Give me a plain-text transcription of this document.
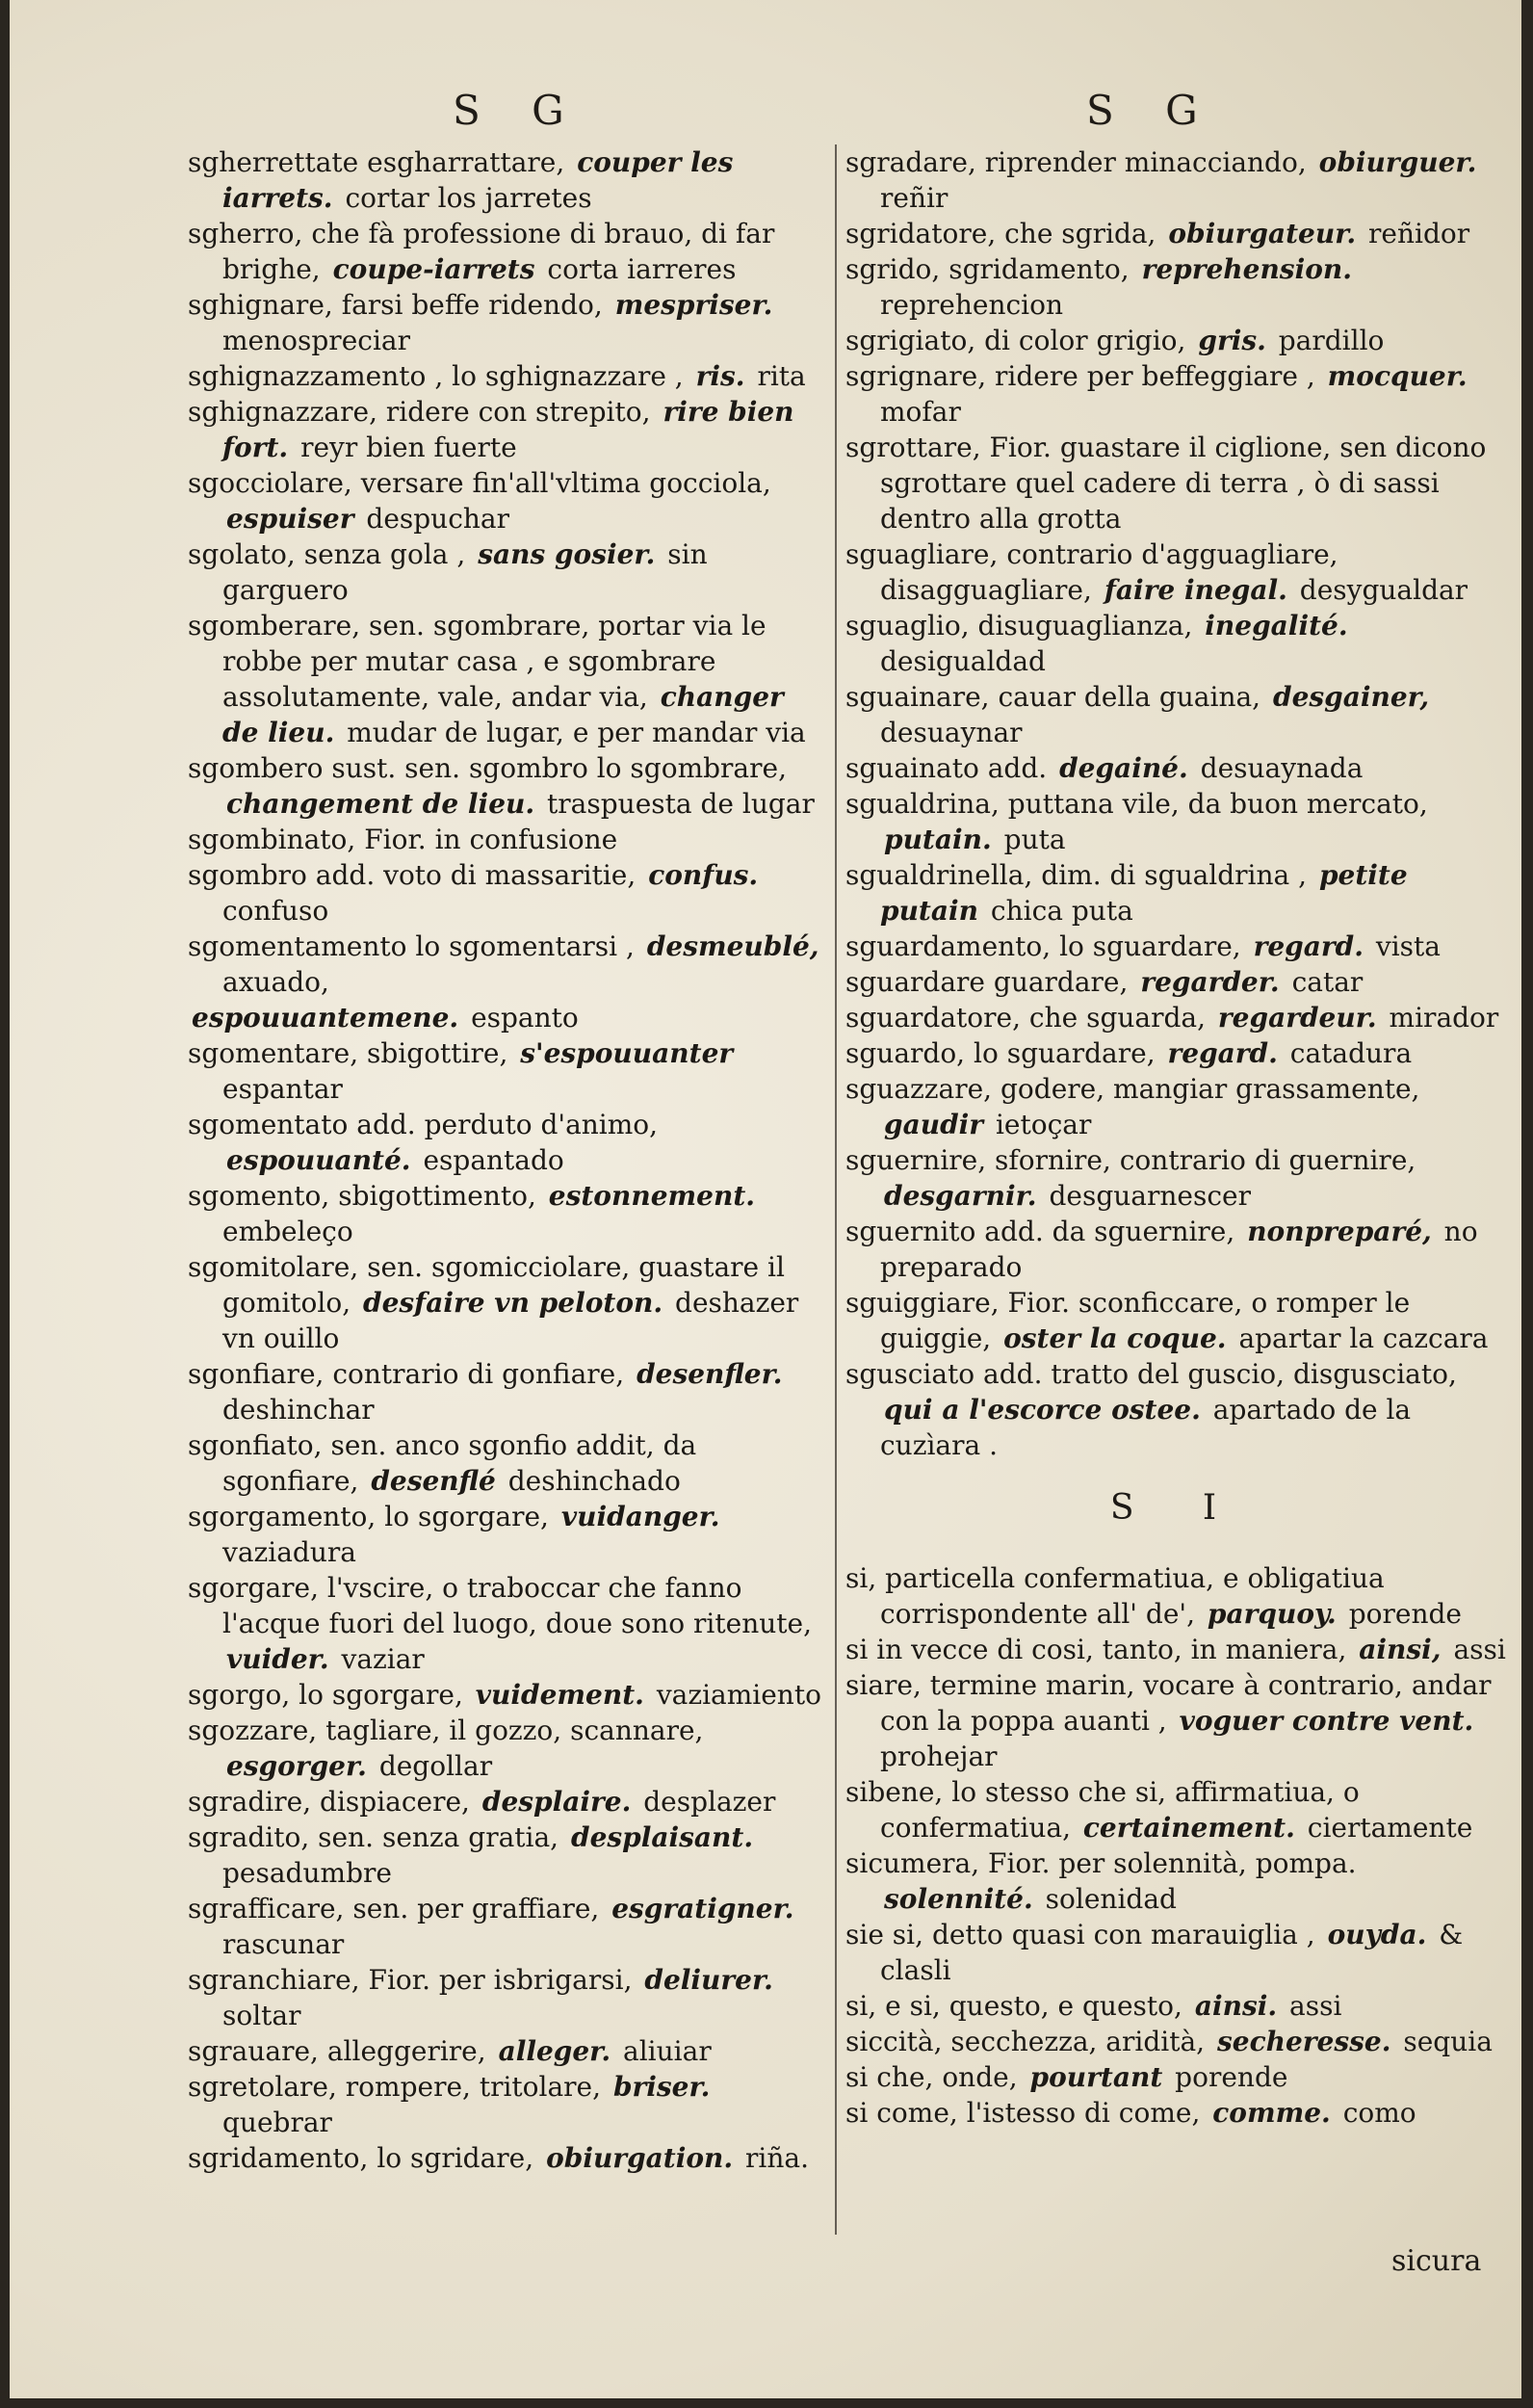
S G	S G

sgherrettate esgharrattare, couper les iarrets. cortar los jarretes

sgherro, che fà professione di brauo, di far brighe, coupe-iarrets corta iarreres

sghignare, farsi beffe ridendo, mespriser. menospreciar

sghignazzamento , lo sghignazzare , ris. rita

sghignazzare, ridere con strepito, rire bien fort. reyr bien fuerte

sgocciolare, versare fin'all'vltima gocciola, espuiser despuchar

sgolato, senza gola , sans gosier. sin garguero

sgomberare, sen. sgombrare, portar via le robbe per mutar casa , e sgombrare assolutamente, vale, andar via, changer de lieu. mudar de lugar, e per mandar via

sgombero sust. sen. sgombro lo sgombrare, changement de lieu. traspuesta de lugar

sgombinato, Fior. in confusione

sgombro add. voto di massaritie, confus. confuso

sgomentamento lo sgomentarsi , desmeublé, axuado,

espouuantemene. espanto

sgomentare, sbigottire, s'espouuanter espantar

sgomentato add. perduto d'animo, espouuanté. espantado

sgomento, sbigottimento, estonnement. embeleço

sgomitolare, sen. sgomicciolare, guastare il gomitolo, desfaire vn peloton. deshazer vn ouillo

sgonfiare, contrario di gonfiare, desenfler. deshinchar

sgonfiato, sen. anco sgonfio addit, da sgonfiare, desenflé deshinchado

sgorgamento, lo sgorgare, vuidanger. vaziadura

sgorgare, l'vscire, o traboccar che fanno l'acque fuori del luogo, doue sono ritenute, vuider. vaziar

sgorgo, lo sgorgare, vuidement. vaziamiento

sgozzare, tagliare, il gozzo, scannare, esgorger. degollar

sgradire, dispiacere, desplaire. desplazer

sgradito, sen. senza gratia, desplaisant. pesadumbre

sgrafficare, sen. per graffiare, esgratigner. rascunar

sgranchiare, Fior. per isbrigarsi, deliurer. soltar

sgrauare, alleggerire, alleger. aliuiar

sgretolare, rompere, tritolare, briser. quebrar

sgridamento, lo sgridare, obiurgation. riña.

sgradare, riprender minacciando, obiurguer. reñir

sgridatore, che sgrida, obiurgateur. reñidor

sgrido, sgridamento, reprehension. reprehencion

sgrigiato, di color grigio, gris. pardillo

sgrignare, ridere per beffeggiare , mocquer. mofar

sgrottare, Fior. guastare il ciglione, sen dicono sgrottare quel cadere di terra , ò di sassi dentro alla grotta

sguagliare, contrario d'agguagliare, disagguagliare, faire inegal. desygualdar

sguaglio, disuguaglianza, inegalité. desigualdad

sguainare, cauar della guaina, desgainer, desuaynar

sguainato add. degainé. desuaynada

sgualdrina, puttana vile, da buon mercato, putain. puta

sgualdrinella, dim. di sgualdrina , petite putain chica puta

sguardamento, lo sguardare, regard. vista

sguardare guardare, regarder. catar

sguardatore, che sguarda, regardeur. mirador

sguardo, lo sguardare, regard. catadura

sguazzare, godere, mangiar grassamente, gaudir ietoçar

sguernire, sfornire, contrario di guernire, desgarnir. desguarnescer

sguernito add. da sguernire, nonpreparé, no preparado

sguiggiare, Fior. sconficcare, o romper le guiggie, oster la coque. apartar la cazcara

sgusciato add. tratto del guscio, disgusciato, qui a l'escorce ostee. apartado de la cuzìara .

S I

si, particella confermatiua, e obligatiua corrispondente all' de', parquoy. porende

si in vecce di cosi, tanto, in maniera, ainsi, assi

siare, termine marin, vocare à contrario, andar con la poppa auanti , voguer contre vent. prohejar

sibene, lo stesso che si, affirmatiua, o confermatiua, certainement. ciertamente

sicumera, Fior. per solennità, pompa. solennité. solenidad

sie si, detto quasi con marauiglia , ouyda. & clasli

si, e si, questo, e questo, ainsi. assi

siccità, secchezza, aridità, secheresse. sequia

si che, onde, pourtant porende

si come, l'istesso di come, comme. como

sicura
